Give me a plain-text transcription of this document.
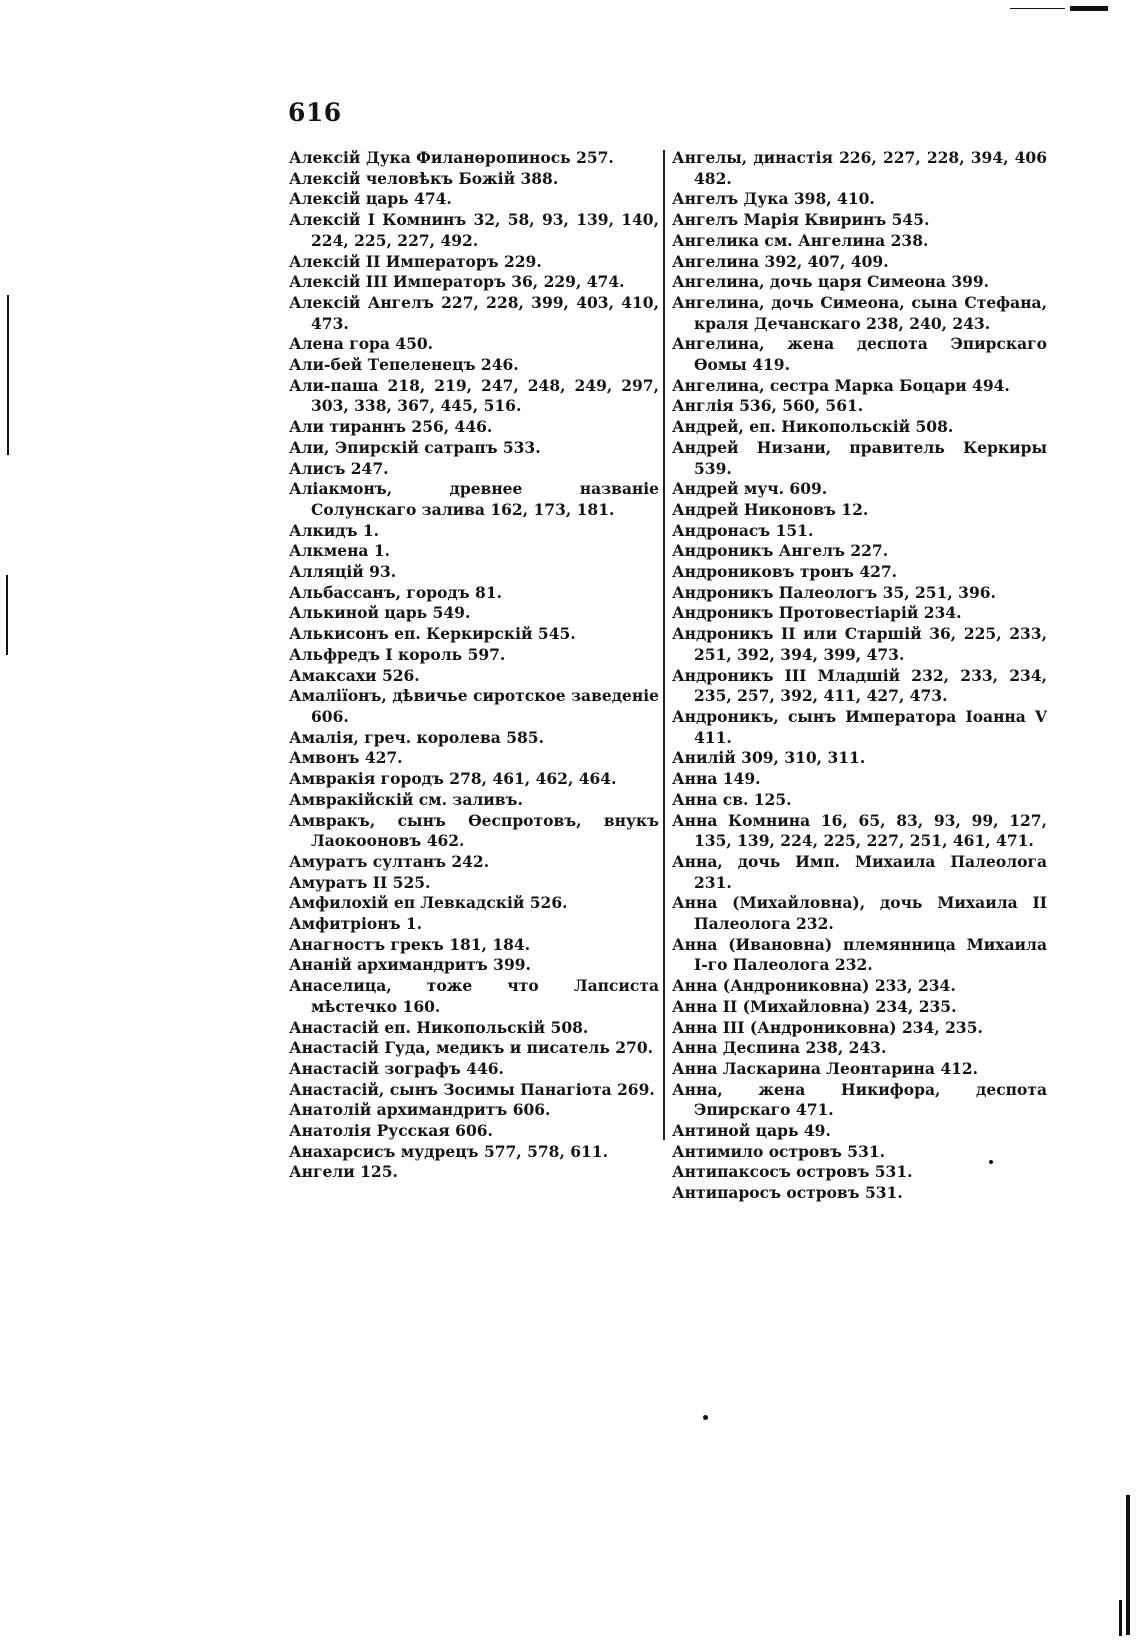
616
Алексій Дука Филанөропинось 257.
Алексій человѣкъ Божій 388.
Алексій царь 474.
Алексій I Комнинъ 32, 58, 93, 139, 140, 224, 225, 227, 492.
Алексій II Императоръ 229.
Алексій III Императоръ 36, 229, 474.
Алексій Ангелъ 227, 228, 399, 403, 410, 473.
Алена гора 450.
Али-бей Тепеленецъ 246.
Али-паша 218, 219, 247, 248, 249, 297, 303, 338, 367, 445, 516.
Али тираннъ 256, 446.
Али, Эпирскій сатрапъ 533.
Алисъ 247.
Аліакмонъ, древнее названіе Солунскаго залива 162, 173, 181.
Алкидъ 1.
Алкмена 1.
Алляцій 93.
Альбассанъ, городъ 81.
Алькиной царь 549.
Алькисонъ еп. Керкирскій 545.
Альфредъ I король 597.
Амаксахи 526.
Амаліїонъ, дѣвичье сиротское заведеніе 606.
Амалія, греч. королева 585.
Амвонъ 427.
Амвракія городъ 278, 461, 462, 464.
Амвракійскій см. заливъ.
Амвракъ, сынъ Өеспротовъ, внукъ Лаокооновъ 462.
Амуратъ султанъ 242.
Амуратъ II 525.
Амфилохій еп Левкадскій 526.
Амфитріонъ 1.
Анагностъ грекъ 181, 184.
Ананій архимандритъ 399.
Анаселица, тоже что Лапсиста мѣстечко 160.
Анастасій еп. Никопольскій 508.
Анастасій Гуда, медикъ и писатель 270.
Анастасій зографъ 446.
Анастасій, сынъ Зосимы Панагіота 269.
Анатолій архимандритъ 606.
Анатолія Русская 606.
Анахарсисъ мудрецъ 577, 578, 611.
Ангели 125.
Ангелы, династія 226, 227, 228, 394, 406 482.
Ангелъ Дука 398, 410.
Ангелъ Марія Квиринъ 545.
Ангелика см. Ангелина 238.
Ангелина 392, 407, 409.
Ангелина, дочь царя Симеона 399.
Ангелина, дочь Симеона, сына Стефана, краля Дечанскаго 238, 240, 243.
Ангелина, жена деспота Эпирскаго Өомы 419.
Ангелина, сестра Марка Боцари 494.
Англія 536, 560, 561.
Андрей, еп. Никопольскій 508.
Андрей Низани, правитель Керкиры 539.
Андрей муч. 609.
Андрей Никоновъ 12.
Андронасъ 151.
Андроникъ Ангелъ 227.
Андрониковъ тронъ 427.
Андроникъ Палеологъ 35, 251, 396.
Андроникъ Протовестіарій 234.
Андроникъ II или Старшій 36, 225, 233, 251, 392, 394, 399, 473.
Андроникъ III Младшій 232, 233, 234, 235, 257, 392, 411, 427, 473.
Андроникъ, сынъ Императора Іоанна V 411.
Анилій 309, 310, 311.
Анна 149.
Анна св. 125.
Анна Комнина 16, 65, 83, 93, 99, 127, 135, 139, 224, 225, 227, 251, 461, 471.
Анна, дочь Имп. Михаила Палеолога 231.
Анна (Михайловна), дочь Михаила II Палеолога 232.
Анна (Ивановна) племянница Михаила I-го Палеолога 232.
Анна (Андрониковна) 233, 234.
Анна II (Михайловна) 234, 235.
Анна III (Андрониковна) 234, 235.
Анна Деспина 238, 243.
Анна Ласкарина Леонтарина 412.
Анна, жена Никифора, деспота Эпирскаго 471.
Антиной царь 49.
Антимило островъ 531.
Антипаксосъ островъ 531.
Антипаросъ островъ 531.
